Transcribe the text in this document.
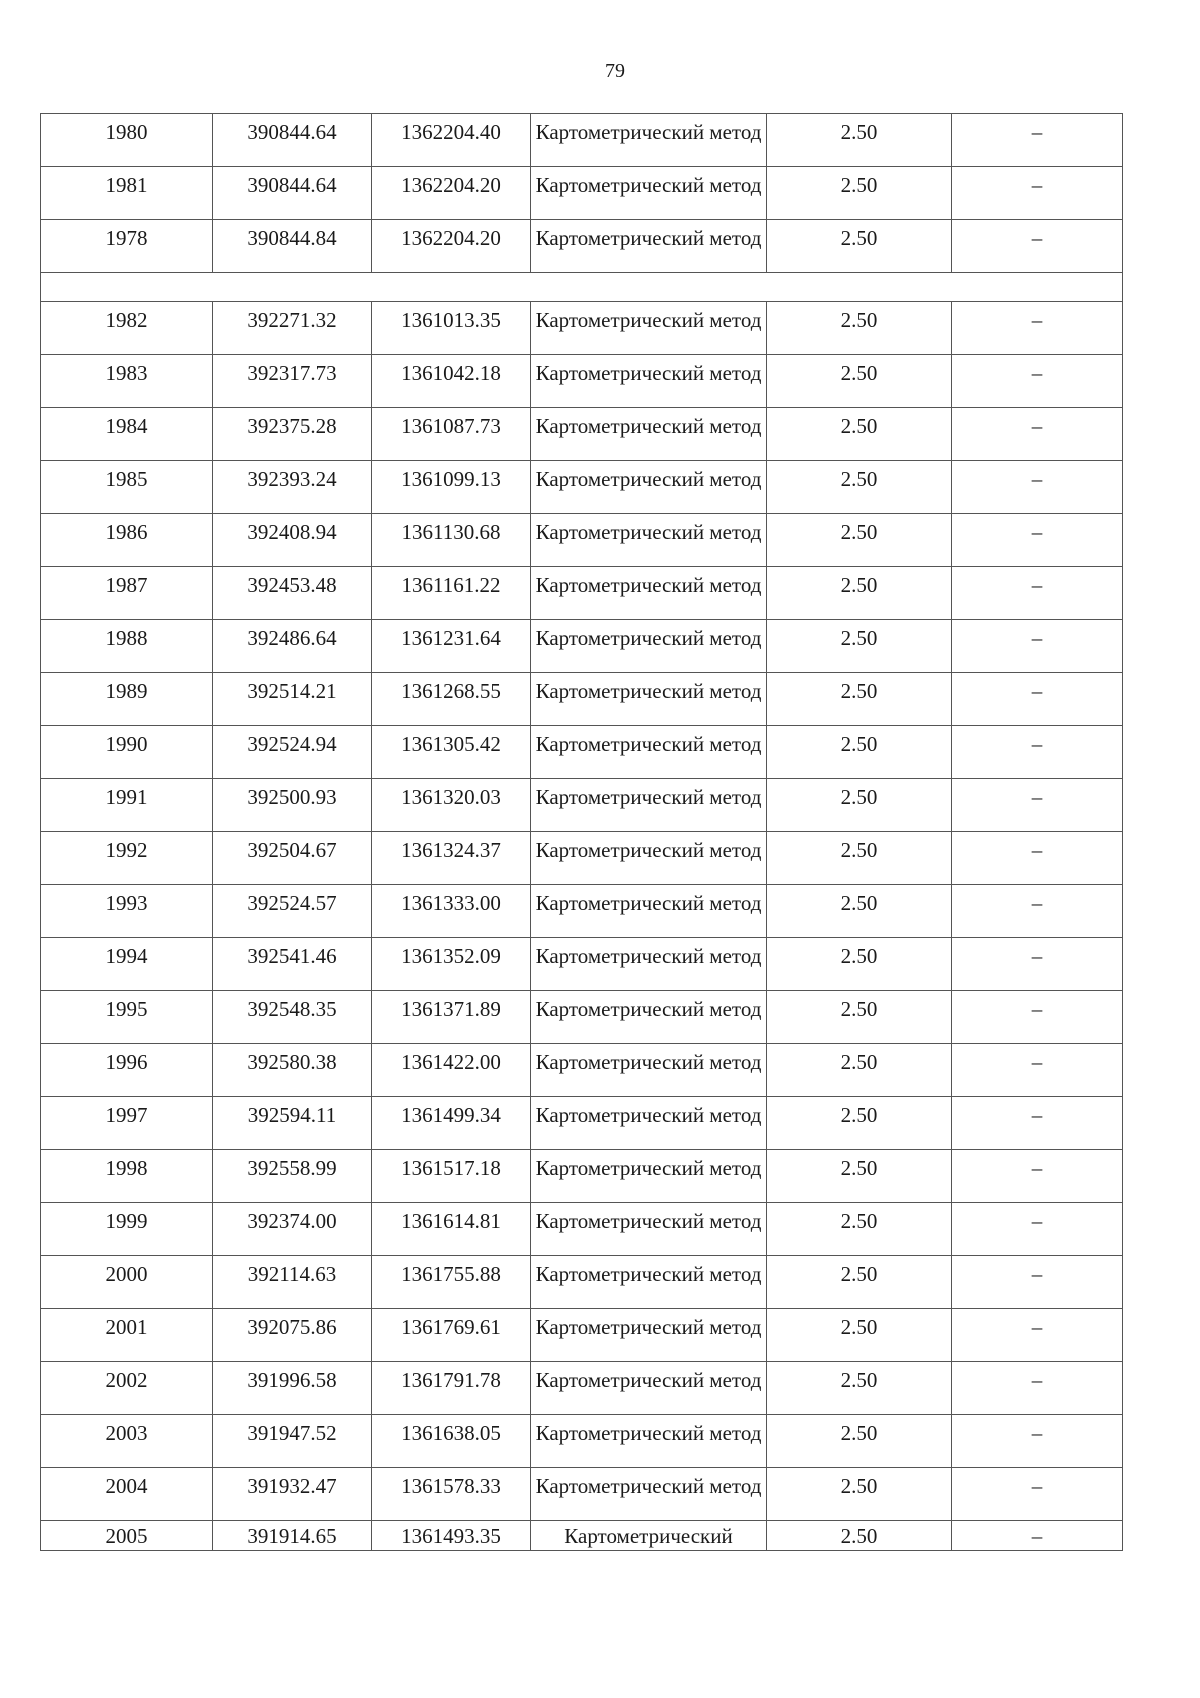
79
1980	390844.64	1362204.40	Картометрический метод	2.50	–
1981	390844.64	1362204.20	Картометрический метод	2.50	–
1978	390844.84	1362204.20	Картометрический метод	2.50	–

1982	392271.32	1361013.35	Картометрический метод	2.50	–
1983	392317.73	1361042.18	Картометрический метод	2.50	–
1984	392375.28	1361087.73	Картометрический метод	2.50	–
1985	392393.24	1361099.13	Картометрический метод	2.50	–
1986	392408.94	1361130.68	Картометрический метод	2.50	–
1987	392453.48	1361161.22	Картометрический метод	2.50	–
1988	392486.64	1361231.64	Картометрический метод	2.50	–
1989	392514.21	1361268.55	Картометрический метод	2.50	–
1990	392524.94	1361305.42	Картометрический метод	2.50	–
1991	392500.93	1361320.03	Картометрический метод	2.50	–
1992	392504.67	1361324.37	Картометрический метод	2.50	–
1993	392524.57	1361333.00	Картометрический метод	2.50	–
1994	392541.46	1361352.09	Картометрический метод	2.50	–
1995	392548.35	1361371.89	Картометрический метод	2.50	–
1996	392580.38	1361422.00	Картометрический метод	2.50	–
1997	392594.11	1361499.34	Картометрический метод	2.50	–
1998	392558.99	1361517.18	Картометрический метод	2.50	–
1999	392374.00	1361614.81	Картометрический метод	2.50	–
2000	392114.63	1361755.88	Картометрический метод	2.50	–
2001	392075.86	1361769.61	Картометрический метод	2.50	–
2002	391996.58	1361791.78	Картометрический метод	2.50	–
2003	391947.52	1361638.05	Картометрический метод	2.50	–
2004	391932.47	1361578.33	Картометрический метод	2.50	–
2005	391914.65	1361493.35	Картометрический	2.50	–
